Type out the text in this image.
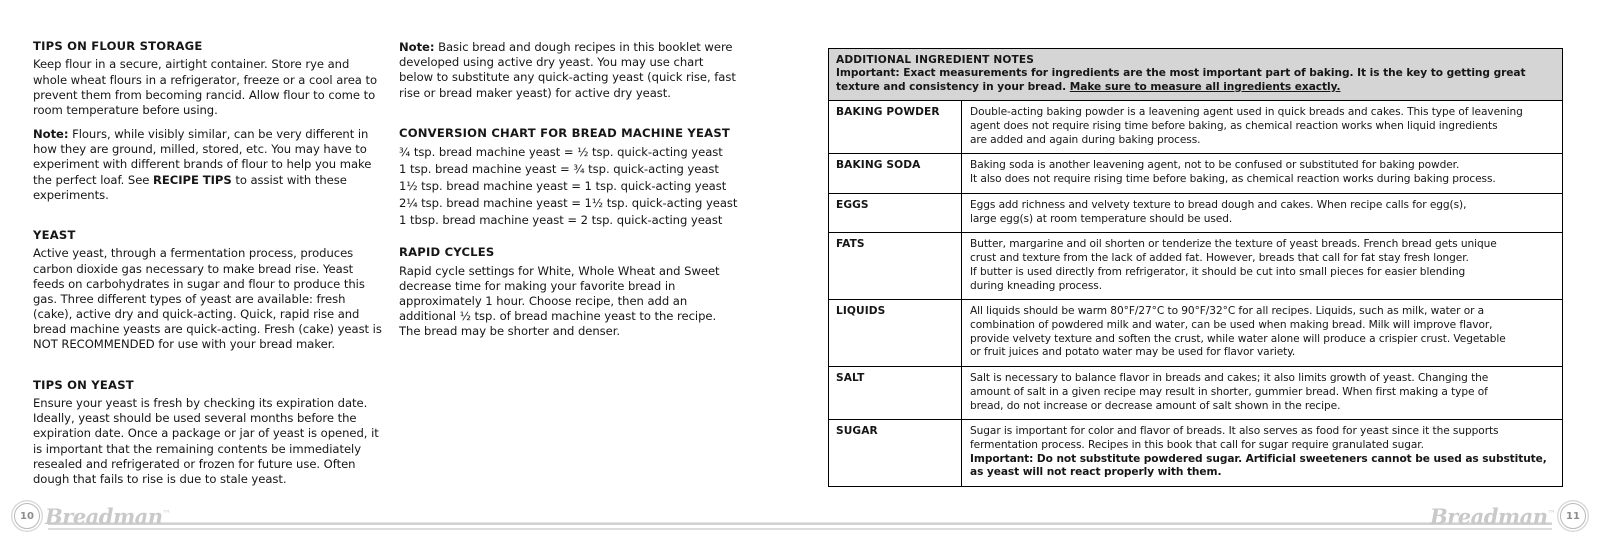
TIPS ON FLOUR STORAGE

Keep flour in a secure, airtight container. Store rye and whole wheat flours in a refrigerator, freeze or a cool area to prevent them from becoming rancid. Allow flour to come to room temperature before using.

Note: Flours, while visibly similar, can be very different in how they are ground, milled, stored, etc. You may have to experiment with different brands of flour to help you make the perfect loaf. See RECIPE TIPS to assist with these experiments.

YEAST

Active yeast, through a fermentation process, produces carbon dioxide gas necessary to make bread rise. Yeast feeds on carbohydrates in sugar and flour to produce this gas. Three different types of yeast are available: fresh (cake), active dry and quick-acting. Quick, rapid rise and bread machine yeasts are quick-acting. Fresh (cake) yeast is NOT RECOMMENDED for use with your bread maker.

TIPS ON YEAST

Ensure your yeast is fresh by checking its expiration date. Ideally, yeast should be used several months before the expiration date. Once a package or jar of yeast is opened, it is important that the remaining contents be immediately resealed and refrigerated or frozen for future use. Often dough that fails to rise is due to stale yeast.

Note: Basic bread and dough recipes in this booklet were developed using active dry yeast. You may use chart below to substitute any quick-acting yeast (quick rise, fast rise or bread maker yeast) for active dry yeast.

CONVERSION CHART FOR BREAD MACHINE YEAST
¾ tsp. bread machine yeast = ½ tsp. quick-acting yeast
1 tsp. bread machine yeast = ¾ tsp. quick-acting yeast
1½ tsp. bread machine yeast = 1 tsp. quick-acting yeast
2¼ tsp. bread machine yeast = 1½ tsp. quick-acting yeast
1 tbsp. bread machine yeast = 2 tsp. quick-acting yeast
RAPID CYCLES

Rapid cycle settings for White, Whole Wheat and Sweet decrease time for making your favorite bread in approximately 1 hour. Choose recipe, then add an additional ½ tsp. of bread machine yeast to the recipe. The bread may be shorter and denser.

ADDITIONAL INGREDIENT NOTES
Important: Exact measurements for ingredients are the most important part of baking. It is the key to getting great texture and consistency in your bread. Make sure to measure all ingredients exactly.
BAKING POWDER	Double-acting baking powder is a leavening agent used in quick breads and cakes. This type of leavening
agent does not require rising time before baking, as chemical reaction works when liquid ingredients
are added and again during baking process.
BAKING SODA	Baking soda is another leavening agent, not to be confused or substituted for baking powder.
It also does not require rising time before baking, as chemical reaction works during baking process.
EGGS	Eggs add richness and velvety texture to bread dough and cakes. When recipe calls for egg(s),
large egg(s) at room temperature should be used.
FATS	Butter, margarine and oil shorten or tenderize the texture of yeast breads. French bread gets unique
crust and texture from the lack of added fat. However, breads that call for fat stay fresh longer.
If butter is used directly from refrigerator, it should be cut into small pieces for easier blending
during kneading process.
LIQUIDS	All liquids should be warm 80°F/27°C to 90°F/32°C for all recipes. Liquids, such as milk, water or a
combination of powdered milk and water, can be used when making bread. Milk will improve flavor,
provide velvety texture and soften the crust, while water alone will produce a crispier crust. Vegetable
or fruit juices and potato water may be used for flavor variety.
SALT	Salt is necessary to balance flavor in breads and cakes; it also limits growth of yeast. Changing the
amount of salt in a given recipe may result in shorter, gummier bread. When first making a type of
bread, do not increase or decrease amount of salt shown in the recipe.
SUGAR	Sugar is important for color and flavor of breads. It also serves as food for yeast since it the supports
fermentation process. Recipes in this book that call for sugar require granulated sugar.
Important: Do not substitute powdered sugar. Artificial sweeteners cannot be used as substitute,
as yeast will not react properly with them.
10 Breadman™	Breadman™	11
